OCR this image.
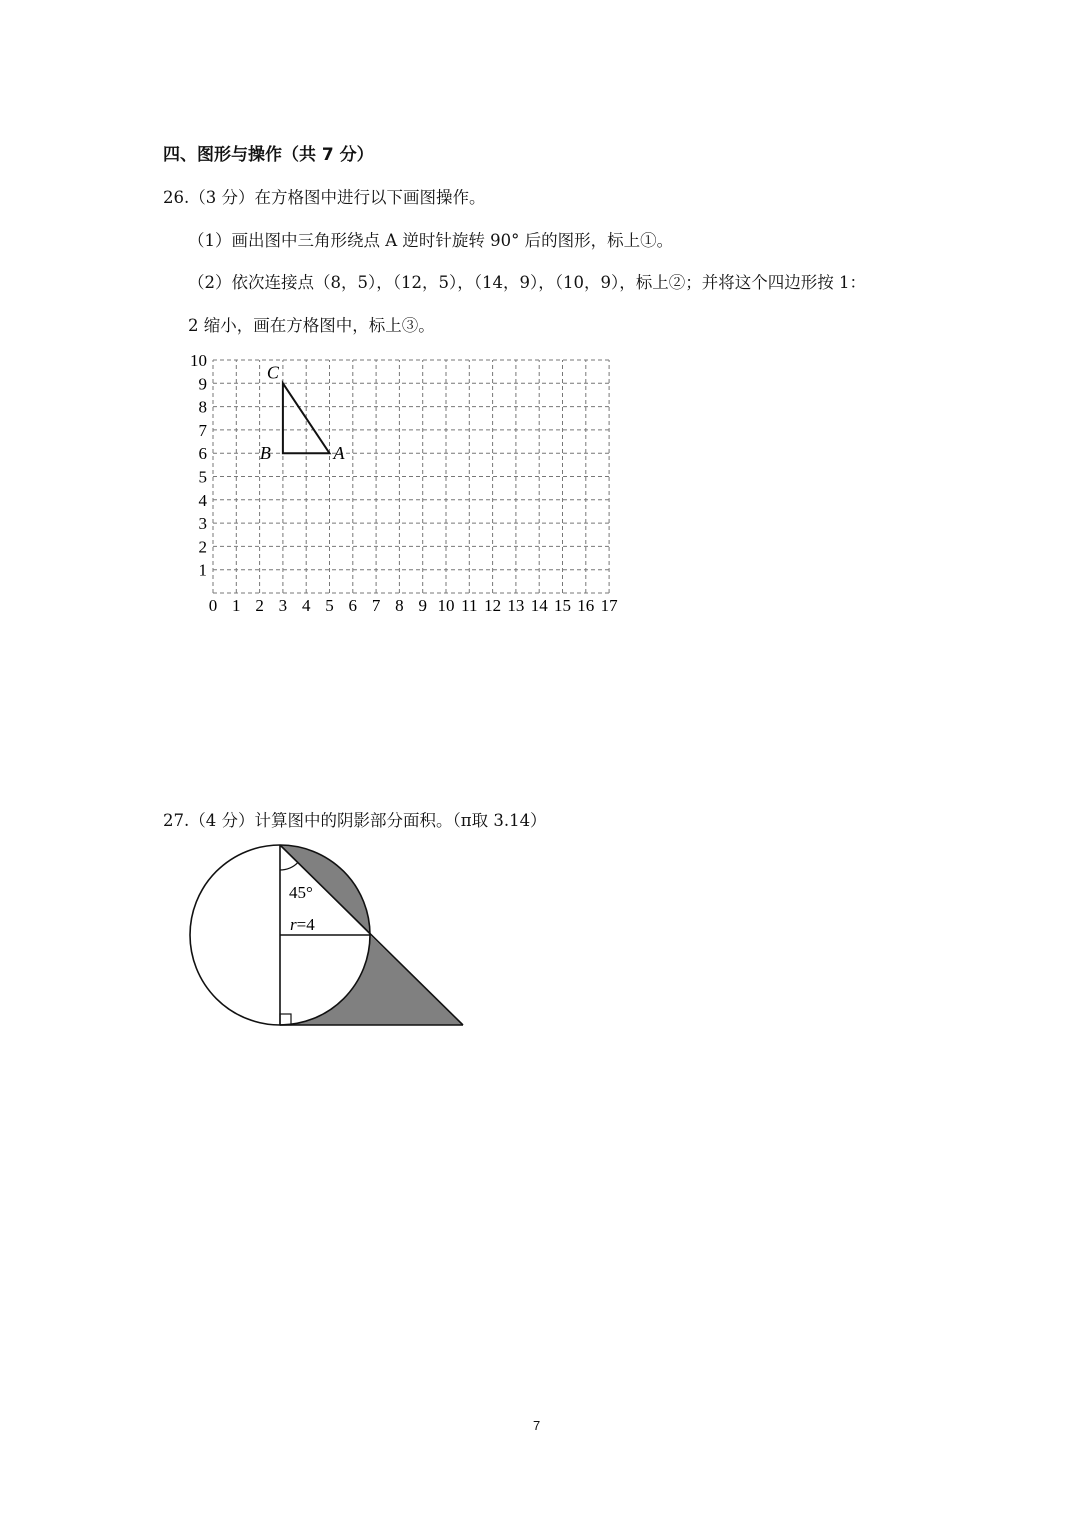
四、图形与操作（共 7 分）
26.（3 分）在方格图中进行以下画图操作。
（1）画出图中三角形绕点 A 逆时针旋转 90° 后的图形，标上①。
（2）依次连接点（8，5），（12，5），（14，9），（10，9），标上②；并将这个四边形按 1：
2 缩小，画在方格图中，标上③。
0 1 2 3 4 5 6 7 8 9 10 11 12 13 14 15 16 17
1
2
3
4
5
6
7
8
9
10
C
B	A
27.（4 分）计算图中的阴影部分面积。（π取 3.14）
45°
r=4
7
